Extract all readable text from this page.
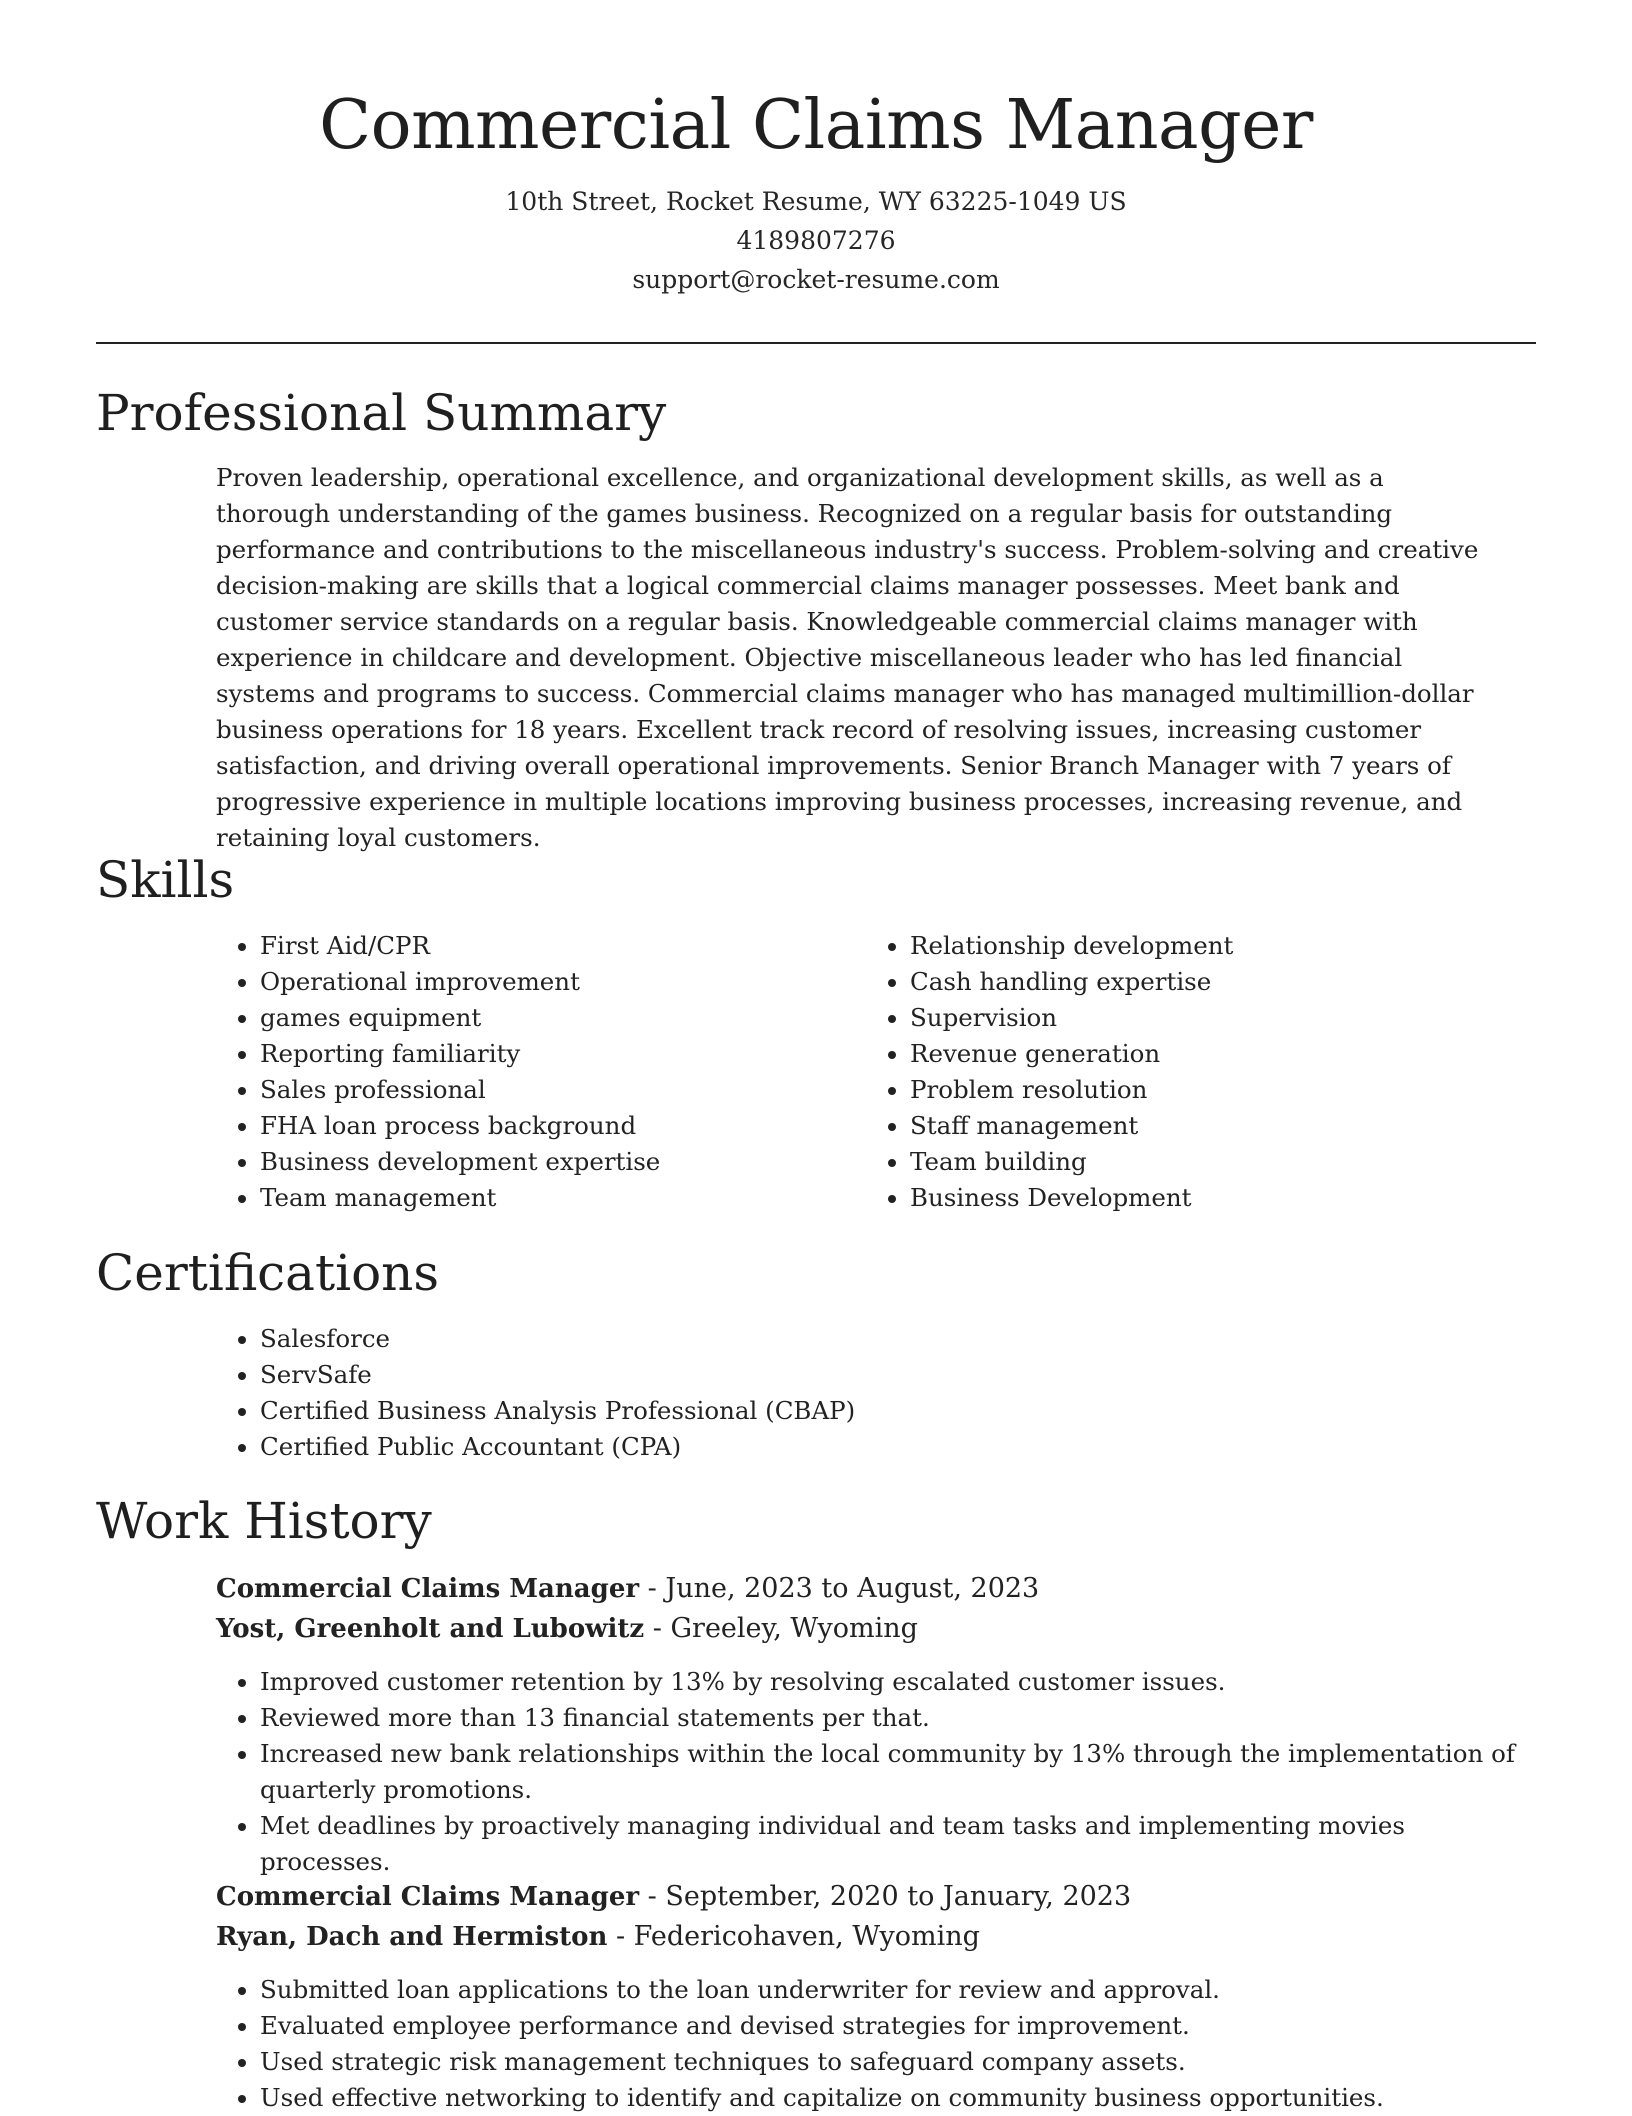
Commercial Claims Manager
10th Street, Rocket Resume, WY 63225-1049 US
4189807276
support@rocket-resume.com
Professional Summary

Proven leadership, operational excellence, and organizational development skills, as well as a thorough understanding of the games business. Recognized on a regular basis for outstanding performance and contributions to the miscellaneous industry's success. Problem-solving and creative decision-making are skills that a logical commercial claims manager possesses. Meet bank and customer service standards on a regular basis. Knowledgeable commercial claims manager with experience in childcare and development. Objective miscellaneous leader who has led financial systems and programs to success. Commercial claims manager who has managed multimillion-dollar business operations for 18 years. Excellent track record of resolving issues, increasing customer satisfaction, and driving overall operational improvements. Senior Branch Manager with 7 years of progressive experience in multiple locations improving business processes, increasing revenue, and retaining loyal customers.

Skills
• First Aid/CPR
• Operational improvement
• games equipment
• Reporting familiarity
• Sales professional
• FHA loan process background
• Business development expertise
• Team management
• Relationship development
• Cash handling expertise
• Supervision
• Revenue generation
• Problem resolution
• Staff management
• Team building
• Business Development
Certifications
• Salesforce
• ServSafe
• Certified Business Analysis Professional (CBAP)
• Certified Public Accountant (CPA)
Work History
Commercial Claims Manager - June, 2023 to August, 2023
Yost, Greenholt and Lubowitz - Greeley, Wyoming
• Improved customer retention by 13% by resolving escalated customer issues.
• Reviewed more than 13 financial statements per that.
• Increased new bank relationships within the local community by 13% through the implementation of quarterly promotions.
• Met deadlines by proactively managing individual and team tasks and implementing movies processes.
Commercial Claims Manager - September, 2020 to January, 2023
Ryan, Dach and Hermiston - Federicohaven, Wyoming
• Submitted loan applications to the loan underwriter for review and approval.
• Evaluated employee performance and devised strategies for improvement.
• Used strategic risk management techniques to safeguard company assets.
• Used effective networking to identify and capitalize on community business opportunities.
